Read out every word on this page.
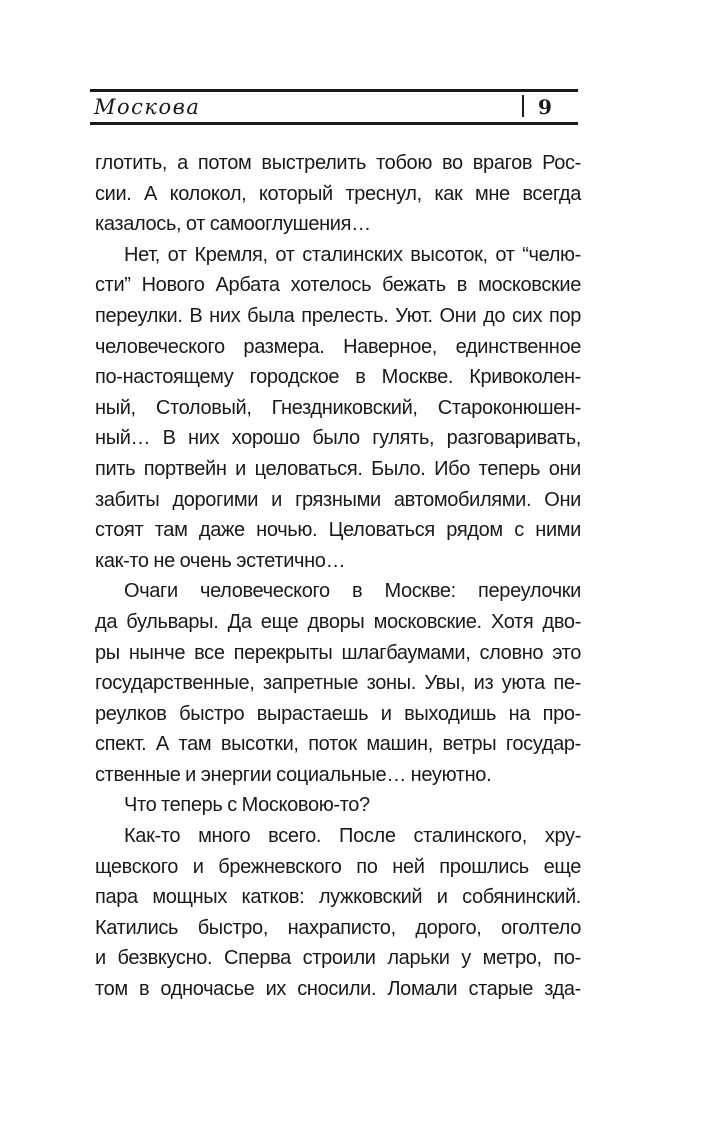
Москова	9
глотить, а потом выстрелить тобою во врагов Рос-
сии. А колокол, который треснул, как мне всегда
казалось, от самооглушения…
Нет, от Кремля, от сталинских высоток, от “челю-
сти” Нового Арбата хотелось бежать в московские
переулки. В них была прелесть. Уют. Они до сих пор
человеческого размера. Наверное, единственное
по-настоящему городское в Москве. Кривоколен-
ный, Столовый, Гнездниковский, Староконюшен-
ный… В них хорошо было гулять, разговаривать,
пить портвейн и целоваться. Было. Ибо теперь они
забиты дорогими и грязными автомобилями. Они
стоят там даже ночью. Целоваться рядом с ними
как-то не очень эстетично…
Очаги человеческого в Москве: переулочки
да бульвары. Да еще дворы московские. Хотя дво-
ры нынче все перекрыты шлагбаумами, словно это
государственные, запретные зоны. Увы, из уюта пе-
реулков быстро вырастаешь и выходишь на про-
спект. А там высотки, поток машин, ветры государ-
ственные и энергии социальные… неуютно.
Что теперь с Московою-то?
Как-то много всего. После сталинского, хру-
щевского и брежневского по ней прошлись еще
пара мощных катков: лужковский и собянинский.
Катились быстро, нахраписто, дорого, оголтело
и безвкусно. Сперва строили ларьки у метро, по-
том в одночасье их сносили. Ломали старые зда-
